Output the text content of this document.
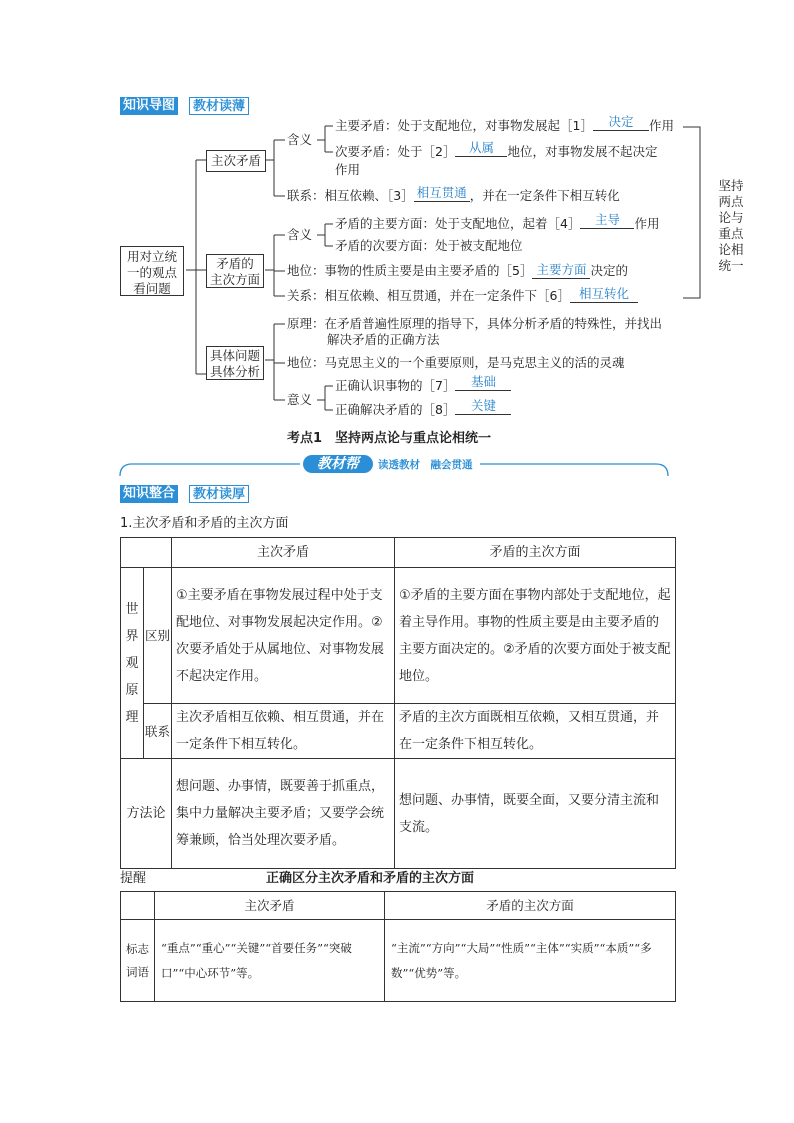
知识导图	教材读薄
用对立统
一的观点
看问题
主次矛盾
矛盾的
主次方面
具体问题
具体分析
含义
主要矛盾：处于支配地位，对事物发展起［1］ 决定 作用
次要矛盾：处于［2］ 从属 地位，对事物发展不起决定
作用
联系：相互依赖、［3］ 相互贯通 ，并在一定条件下相互转化
含义
矛盾的主要方面：处于支配地位，起着［4］ 主导 作用
矛盾的次要方面：处于被支配地位
地位：事物的性质主要是由主要矛盾的［5］ 主要方面 决定的
关系：相互依赖、相互贯通，并在一定条件下［6］ 相互转化
原理：在矛盾普遍性原理的指导下，具体分析矛盾的特殊性，并找出
解决矛盾的正确方法
地位：马克思主义的一个重要原则，是马克思主义的活的灵魂
意义
正确认识事物的［7］ 基础
正确解决矛盾的［8］ 关键
坚持
两点
论与
重点
论相
统一
考点1　坚持两点论与重点论相统一
教材帮	读透教材　融会贯通
知识整合	教材读厚
1.主次矛盾和矛盾的主次方面
		主次矛盾	矛盾的主次方面

世
界
观
原
理	区别	①主要矛盾在事物发展过程中处于支配地位、对事物发展起决定作用。②次要矛盾处于从属地位、对事物发展不起决定作用。	①矛盾的主要方面在事物内部处于支配地位，起着主导作用。事物的性质主要是由主要矛盾的主要方面决定的。②矛盾的次要方面处于被支配地位。
	联系	主次矛盾相互依赖、相互贯通，并在一定条件下相互转化。	矛盾的主次方面既相互依赖，又相互贯通，并在一定条件下相互转化。
方法论		想问题、办事情，既要善于抓重点，集中力量解决主要矛盾；又要学会统筹兼顾，恰当处理次要矛盾。	想问题、办事情，既要全面，又要分清主流和支流。
提醒	正确区分主次矛盾和矛盾的主次方面
	主次矛盾	矛盾的主次方面
标志词语	“重点”“重心”“关键”“首要任务”“突破口”“中心环节”等。	“主流”“方向”“大局”“性质”“主体”“实质”“本质”“多数”“优势”等。
